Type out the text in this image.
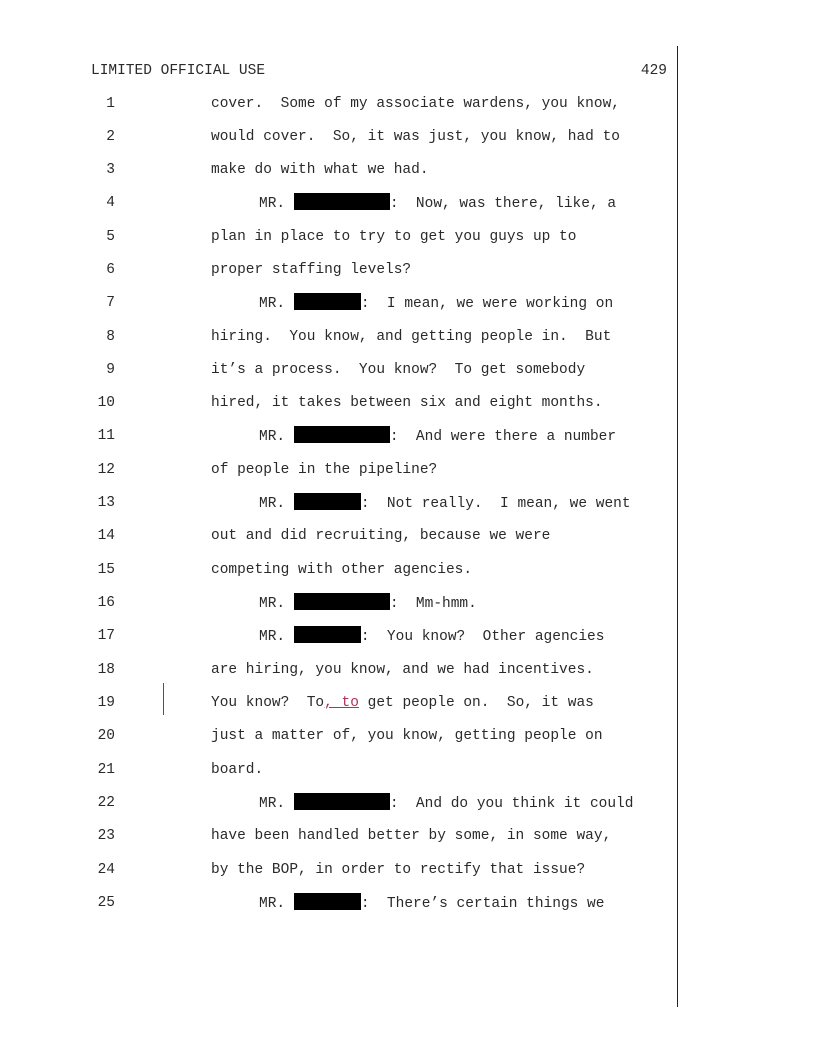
LIMITED OFFICIAL USE	429
1	cover.  Some of my associate wardens, you know,
2	would cover.  So, it was just, you know, had to
3	make do with what we had.
4	MR.	:  Now, was there, like, a
5	plan in place to try to get you guys up to
6	proper staffing levels?
7	MR.	:  I mean, we were working on
8	hiring.  You know, and getting people in.  But
9	it’s a process.  You know?  To get somebody
10	hired, it takes between six and eight months.
11	MR.	:  And were there a number
12	of people in the pipeline?
13	MR.	:  Not really.  I mean, we went
14	out and did recruiting, because we were
15	competing with other agencies.
16	MR.	:  Mm-hmm.
17	MR.	:  You know?  Other agencies
18	are hiring, you know, and we had incentives.
19	You know?  To, to get people on.  So, it was
20	just a matter of, you know, getting people on
21	board.
22	MR.	:  And do you think it could
23	have been handled better by some, in some way,
24	by the BOP, in order to rectify that issue?
25	MR.	:  There’s certain things we
